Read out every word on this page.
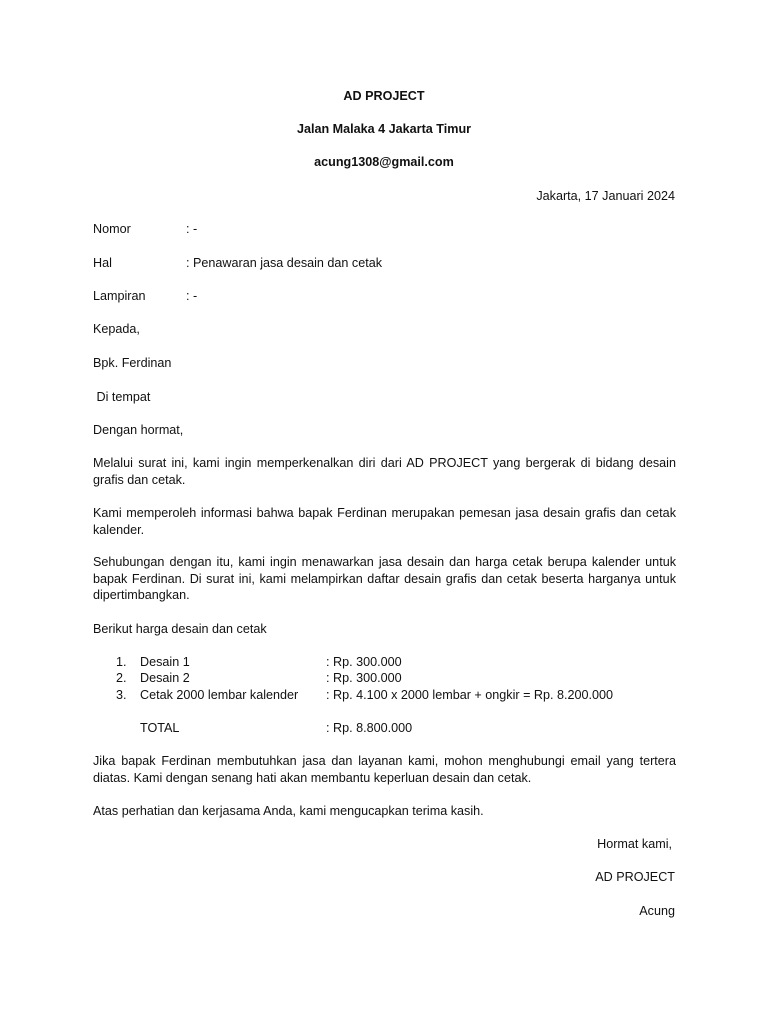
AD PROJECT
Jalan Malaka 4 Jakarta Timur
acung1308@gmail.com
Jakarta, 17 Januari 2024
Nomor	: -
Hal	: Penawaran jasa desain dan cetak
Lampiran	: -
Kepada,
Bpk. Ferdinan
Di tempat
Dengan hormat,
Melalui surat ini, kami ingin memperkenalkan diri dari AD PROJECT yang bergerak di bidang desain
grafis dan cetak.
Kami memperoleh informasi bahwa bapak Ferdinan merupakan pemesan jasa desain grafis dan cetak
kalender.
Sehubungan dengan itu, kami ingin menawarkan jasa desain dan harga cetak berupa kalender untuk
bapak Ferdinan. Di surat ini, kami melampirkan daftar desain grafis dan cetak beserta harganya untuk
dipertimbangkan.
Berikut harga desain dan cetak
1. Desain 1	: Rp. 300.000
2. Desain 2	: Rp. 300.000
3. Cetak 2000 lembar kalender : Rp. 4.100 x 2000 lembar + ongkir = Rp. 8.200.000
TOTAL	: Rp. 8.800.000
Jika bapak Ferdinan membutuhkan jasa dan layanan kami, mohon menghubungi email yang tertera
diatas. Kami dengan senang hati akan membantu keperluan desain dan cetak.
Atas perhatian dan kerjasama Anda, kami mengucapkan terima kasih.
Hormat kami,
AD PROJECT
Acung
